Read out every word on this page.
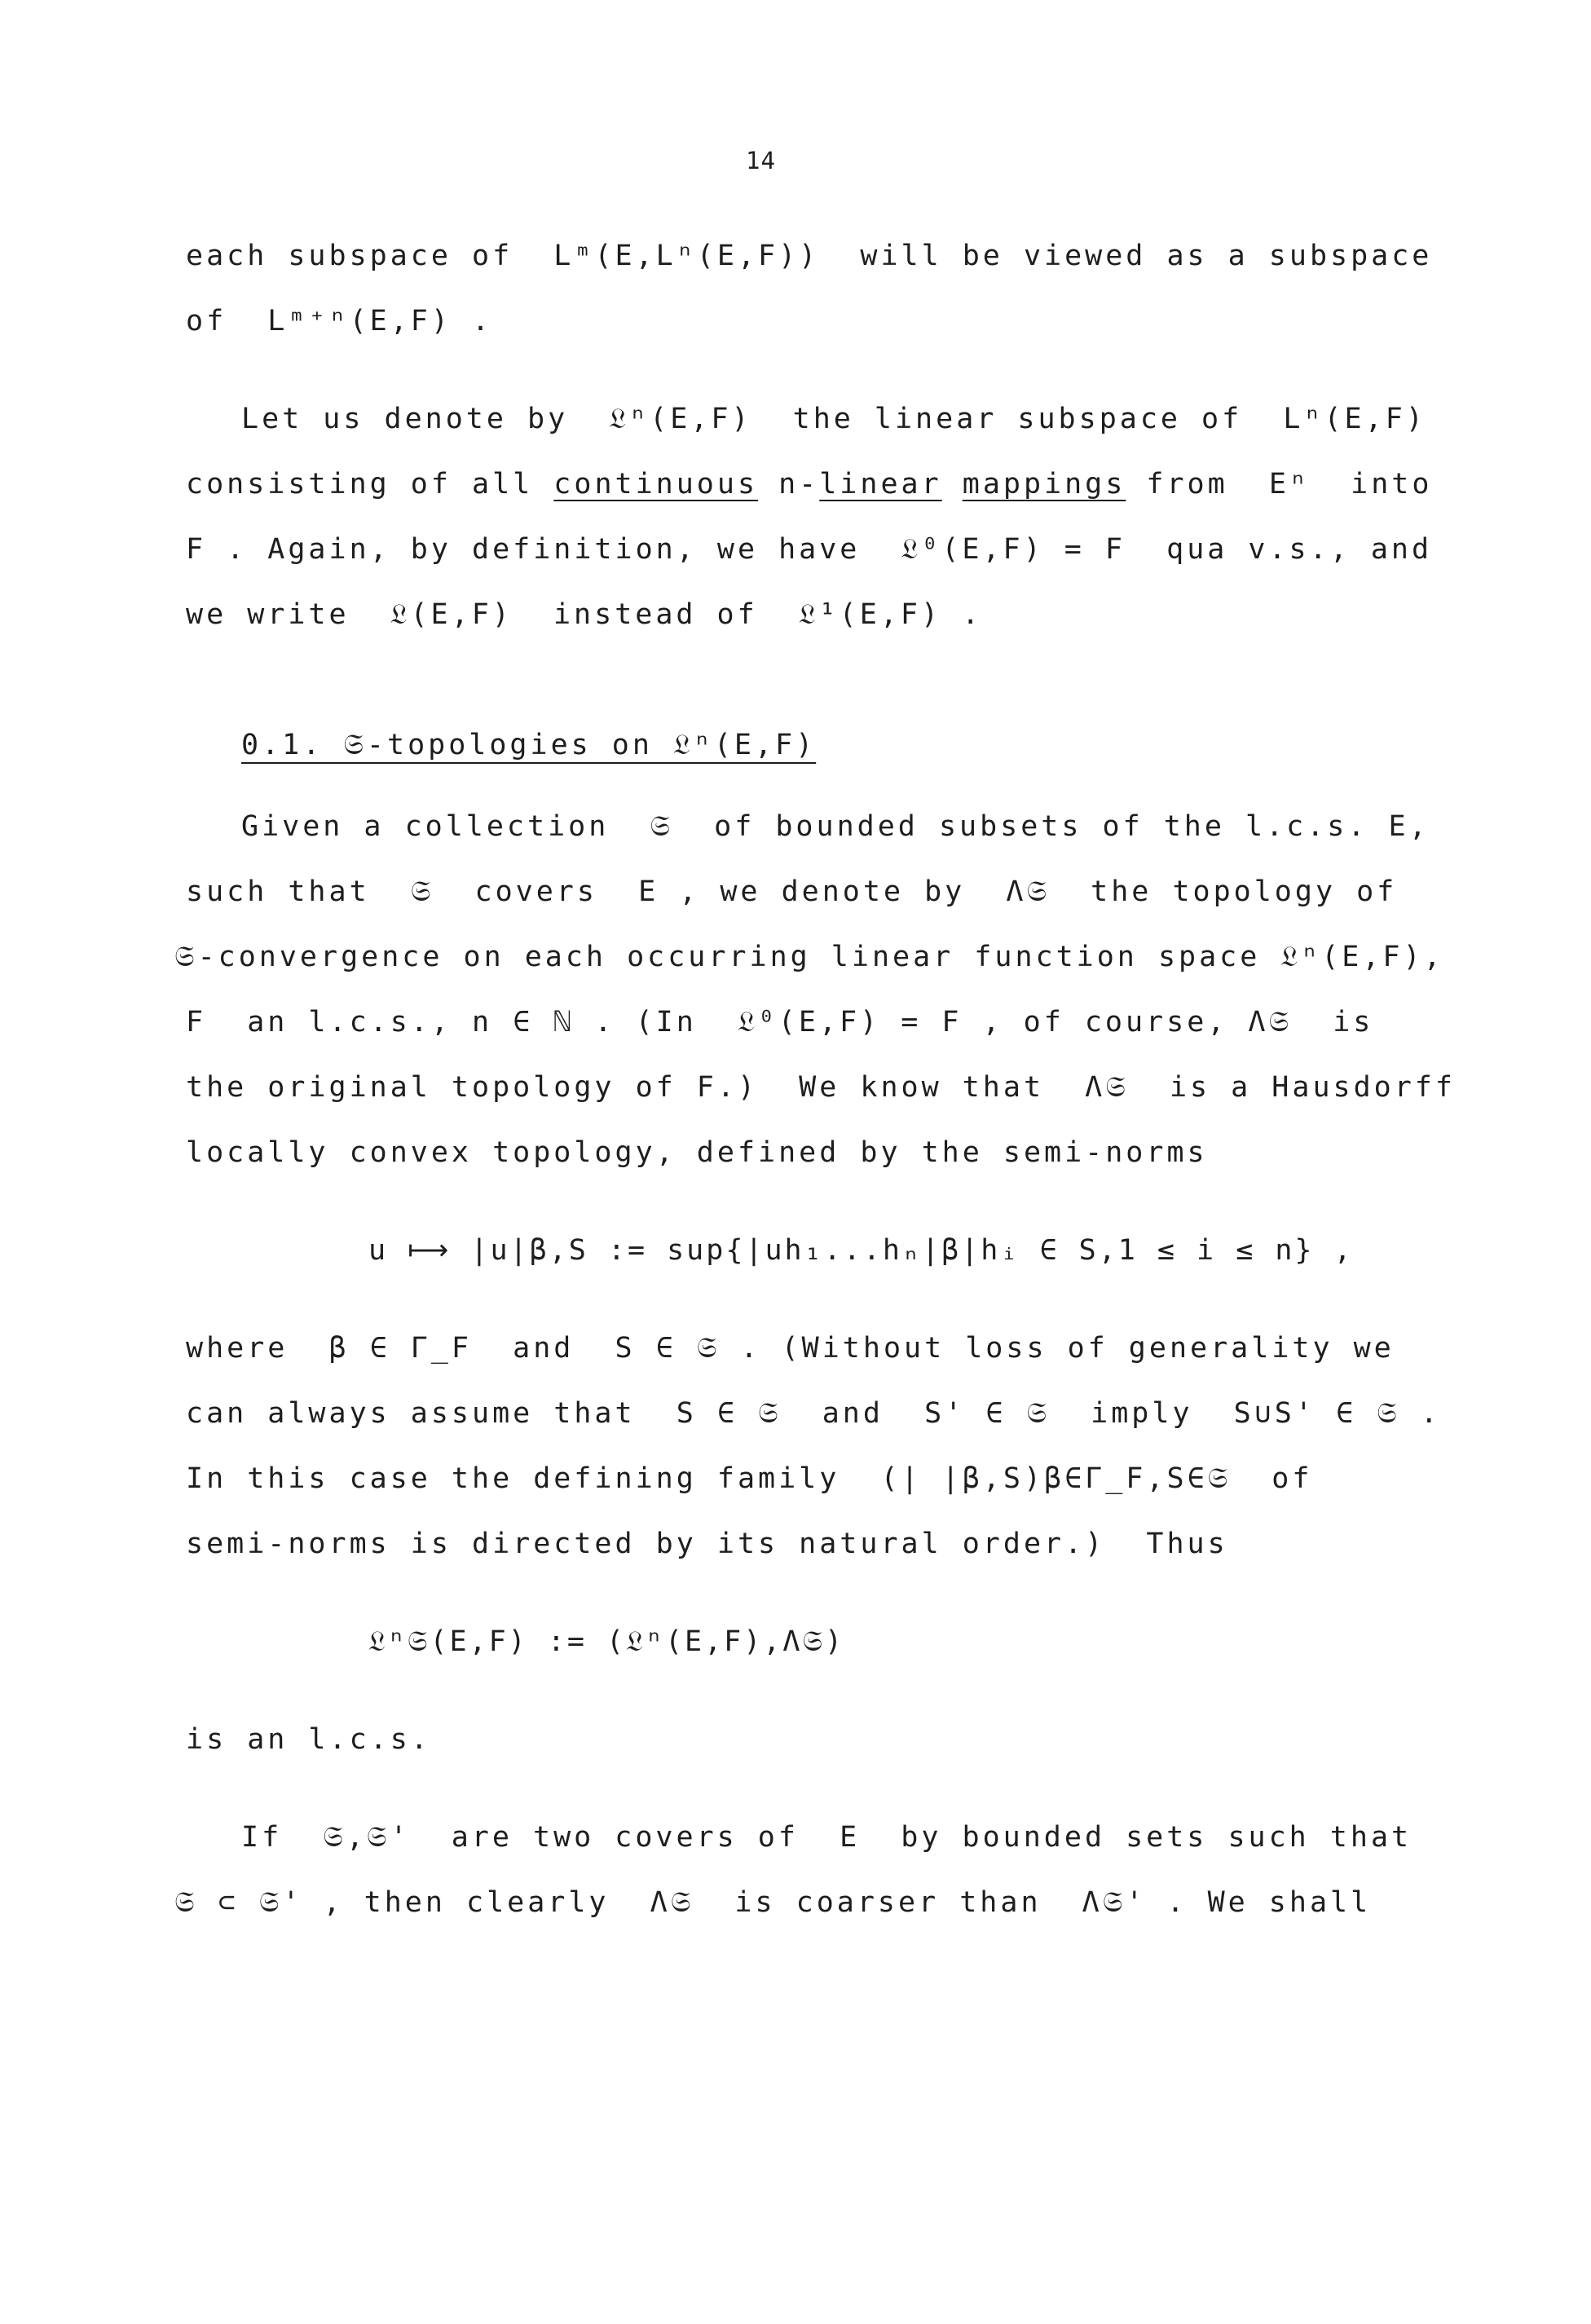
14
each subspace of  Lᵐ(E,Lⁿ(E,F))  will be viewed as a subspace
of  Lᵐ⁺ⁿ(E,F) .
Let us denote by  𝔏ⁿ(E,F)  the linear subspace of  Lⁿ(E,F)
consisting of all continuous n-linear mappings from  Eⁿ  into
F . Again, by definition, we have  𝔏⁰(E,F) = F  qua v.s., and
we write  𝔏(E,F)  instead of  𝔏¹(E,F) .
0.1. 𝔖-topologies on 𝔏ⁿ(E,F)
Given a collection  𝔖  of bounded subsets of the l.c.s. E,
such that  𝔖  covers  E , we denote by  Λ𝔖  the topology of
𝔖-convergence on each occurring linear function space 𝔏ⁿ(E,F),
F  an l.c.s., n ∈ ℕ . (In  𝔏⁰(E,F) = F , of course, Λ𝔖  is
the original topology of F.)  We know that  Λ𝔖  is a Hausdorff
locally convex topology, defined by the semi-norms
u ⟼ |u|β,S := sup{|uh₁...hₙ|β|hᵢ ∈ S,1 ≤ i ≤ n} ,
where  β ∈ Γ_F  and  S ∈ 𝔖 . (Without loss of generality we
can always assume that  S ∈ 𝔖  and  S' ∈ 𝔖  imply  S∪S' ∈ 𝔖 .
In this case the defining family  (| |β,S)β∈Γ_F,S∈𝔖  of
semi-norms is directed by its natural order.)  Thus
𝔏ⁿ𝔖(E,F) := (𝔏ⁿ(E,F),Λ𝔖)
is an l.c.s.
If  𝔖,𝔖'  are two covers of  E  by bounded sets such that
𝔖 ⊂ 𝔖' , then clearly  Λ𝔖  is coarser than  Λ𝔖' . We shall
